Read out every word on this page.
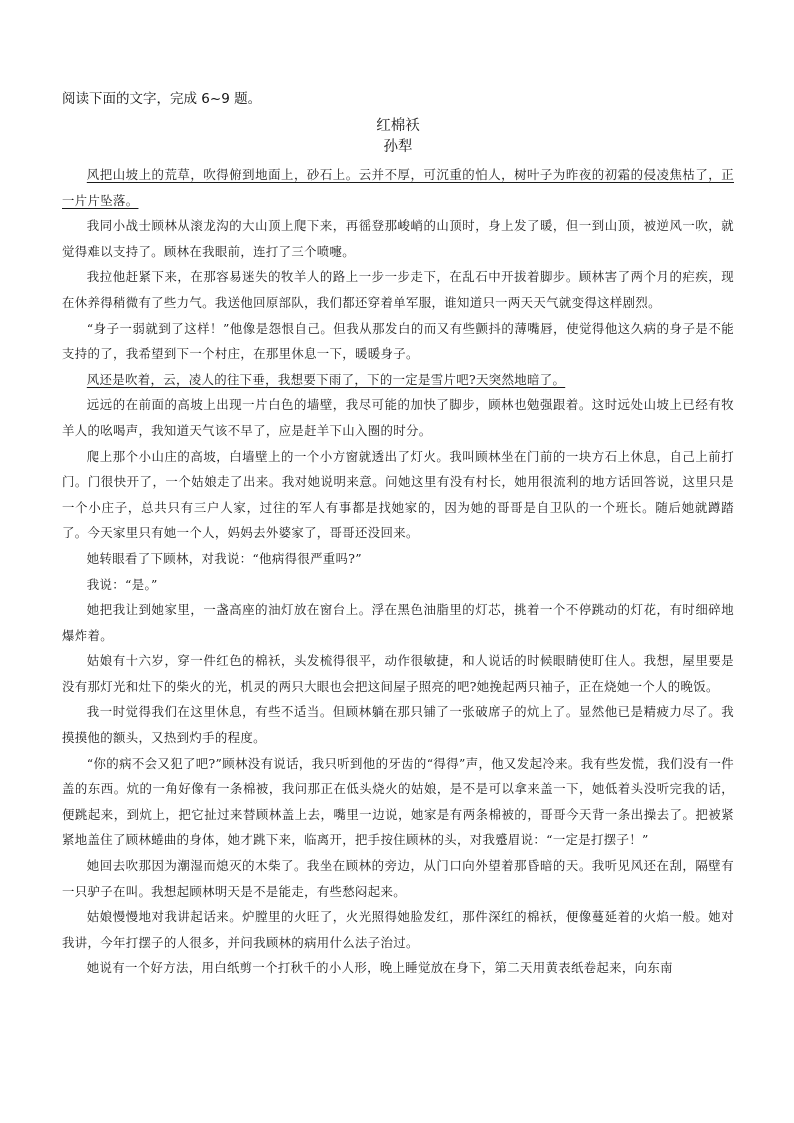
阅读下面的文字，完成 6~9 题。

红棉袄

孙犁

风把山坡上的荒草，吹得俯到地面上，砂石上。云并不厚，可沉重的怕人，树叶子为昨夜的初霜的侵凌焦枯了，正一片片坠落。

我同小战士顾林从滚龙沟的大山顶上爬下来，再徭登那峻峭的山顶时，身上发了暖，但一到山顶，被逆风一吹，就觉得难以支持了。顾林在我眼前，连打了三个喷嚏。

我拉他赶紧下来，在那容易迷失的牧羊人的路上一步一步走下，在乱石中开拔着脚步。顾林害了两个月的疟疾，现在休养得稍微有了些力气。我送他回原部队，我们都还穿着单军服，谁知道只一两天天气就变得这样剧烈。

“身子一弱就到了这样！”他像是怨恨自己。但我从那发白的而又有些颤抖的薄嘴唇，使觉得他这久病的身子是不能支持的了，我希望到下一个村庄，在那里休息一下，暖暖身子。

风还是吹着，云，凌人的往下垂，我想要下雨了，下的一定是雪片吧?天突然地暗了。

远远的在前面的高坡上出现一片白色的墙壁，我尽可能的加快了脚步，顾林也勉强跟着。这时远处山坡上已经有牧羊人的吆喝声，我知道天气该不早了，应是赶羊下山入圈的时分。

爬上那个小山庄的高坡，白墙壁上的一个小方窗就透出了灯火。我叫顾林坐在门前的一块方石上休息，自己上前打门。门很快开了，一个姑娘走了出来。我对她说明来意。问她这里有没有村长，她用很流利的地方话回答说，这里只是一个小庄子，总共只有三户人家，过往的军人有事都是找她家的，因为她的哥哥是自卫队的一个班长。随后她就蹲踏了。今天家里只有她一个人，妈妈去外婆家了，哥哥还没回来。

她转眼看了下顾林，对我说：“他病得很严重吗?”

我说：“是。”

她把我让到她家里，一盏高座的油灯放在窗台上。浮在黑色油脂里的灯芯，挑着一个不停跳动的灯花，有时细碎地爆炸着。

姑娘有十六岁，穿一件红色的棉袄，头发梳得很平，动作很敏捷，和人说话的时候眼睛使盯住人。我想，屋里要是没有那灯光和灶下的柴火的光，机灵的两只大眼也会把这间屋子照亮的吧?她挽起两只袖子，正在烧她一个人的晚饭。

我一时觉得我们在这里休息，有些不适当。但顾林躺在那只铺了一张破席子的炕上了。显然他已是精疲力尽了。我摸摸他的额头，又热到灼手的程度。

“你的病不会又犯了吧?”顾林没有说话，我只听到他的牙齿的“得得”声，他又发起冷来。我有些发慌，我们没有一件盖的东西。炕的一角好像有一条棉被，我问那正在低头烧火的姑娘，是不是可以拿来盖一下，她低着头没听完我的话，便跳起来，到炕上，把它扯过来替顾林盖上去，嘴里一边说，她家是有两条棉被的，哥哥今天背一条出操去了。把被紧紧地盖住了顾林蜷曲的身体，她才跳下来，临离开，把手按住顾林的头，对我蹙眉说：“一定是打摆子！”

她回去吹那因为潮湿而熄灭的木柴了。我坐在顾林的旁边，从门口向外望着那昏暗的天。我听见风还在刮，隔壁有一只驴子在叫。我想起顾林明天是不是能走，有些愁闷起来。

姑娘慢慢地对我讲起话来。炉膛里的火旺了，火光照得她脸发红，那件深红的棉袄，便像蔓延着的火焰一般。她对我讲，今年打摆子的人很多，并问我顾林的病用什么法子治过。

她说有一个好方法，用白纸剪一个打秋千的小人形，晚上睡觉放在身下，第二天用黄表纸卷起来，向东南
